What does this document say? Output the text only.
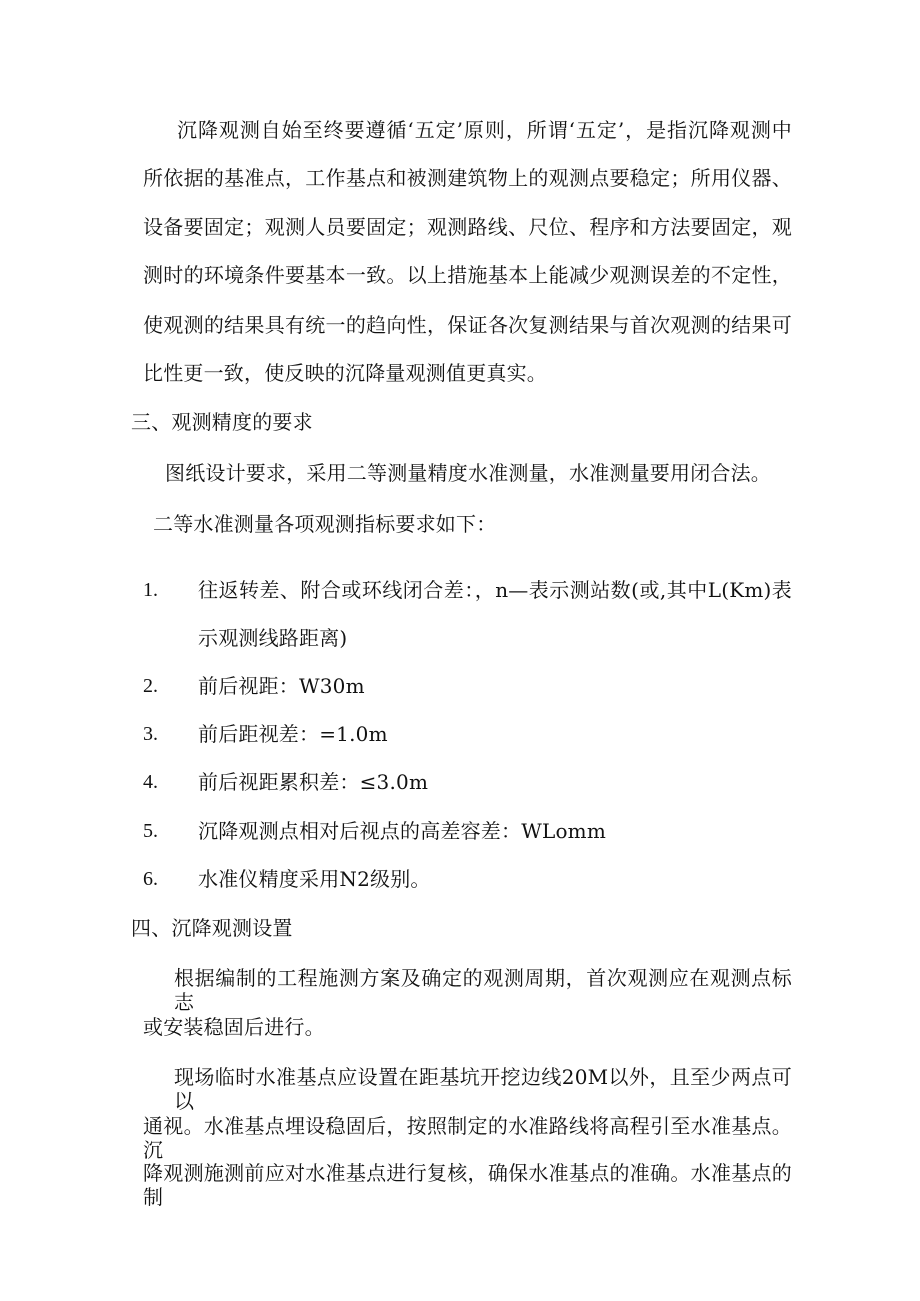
沉降观测自始至终要遵循‘五定’原则，所谓‘五定’，是指沉降观测中
所依据的基准点，工作基点和被测建筑物上的观测点要稳定；所用仪器、
设备要固定；观测人员要固定；观测路线、尺位、程序和方法要固定，观
测时的环境条件要基本一致。以上措施基本上能减少观测误差的不定性，
使观测的结果具有统一的趋向性，保证各次复测结果与首次观测的结果可
比性更一致，使反映的沉降量观测值更真实。
三、观测精度的要求
图纸设计要求，采用二等测量精度水准测量，水准测量要用闭合法。
二等水准测量各项观测指标要求如下：
1. 往返转差、附合或环线闭合差：，n—表示测站数(或,其中L(Km)表
示观测线路距离)
2. 前后视距：W30m
3. 前后距视差：=1.0m
4. 前后视距累积差：≤3.0m
5. 沉降观测点相对后视点的高差容差：WLomm
6. 水准仪精度采用N2级别。
四、沉降观测设置
根据编制的工程施测方案及确定的观测周期，首次观测应在观测点标志
或安装稳固后进行。
现场临时水准基点应设置在距基坑开挖边线20M以外，且至少两点可以
通视。水准基点埋设稳固后，按照制定的水准路线将高程引至水准基点。沉
降观测施测前应对水准基点进行复核，确保水准基点的准确。水准基点的制
